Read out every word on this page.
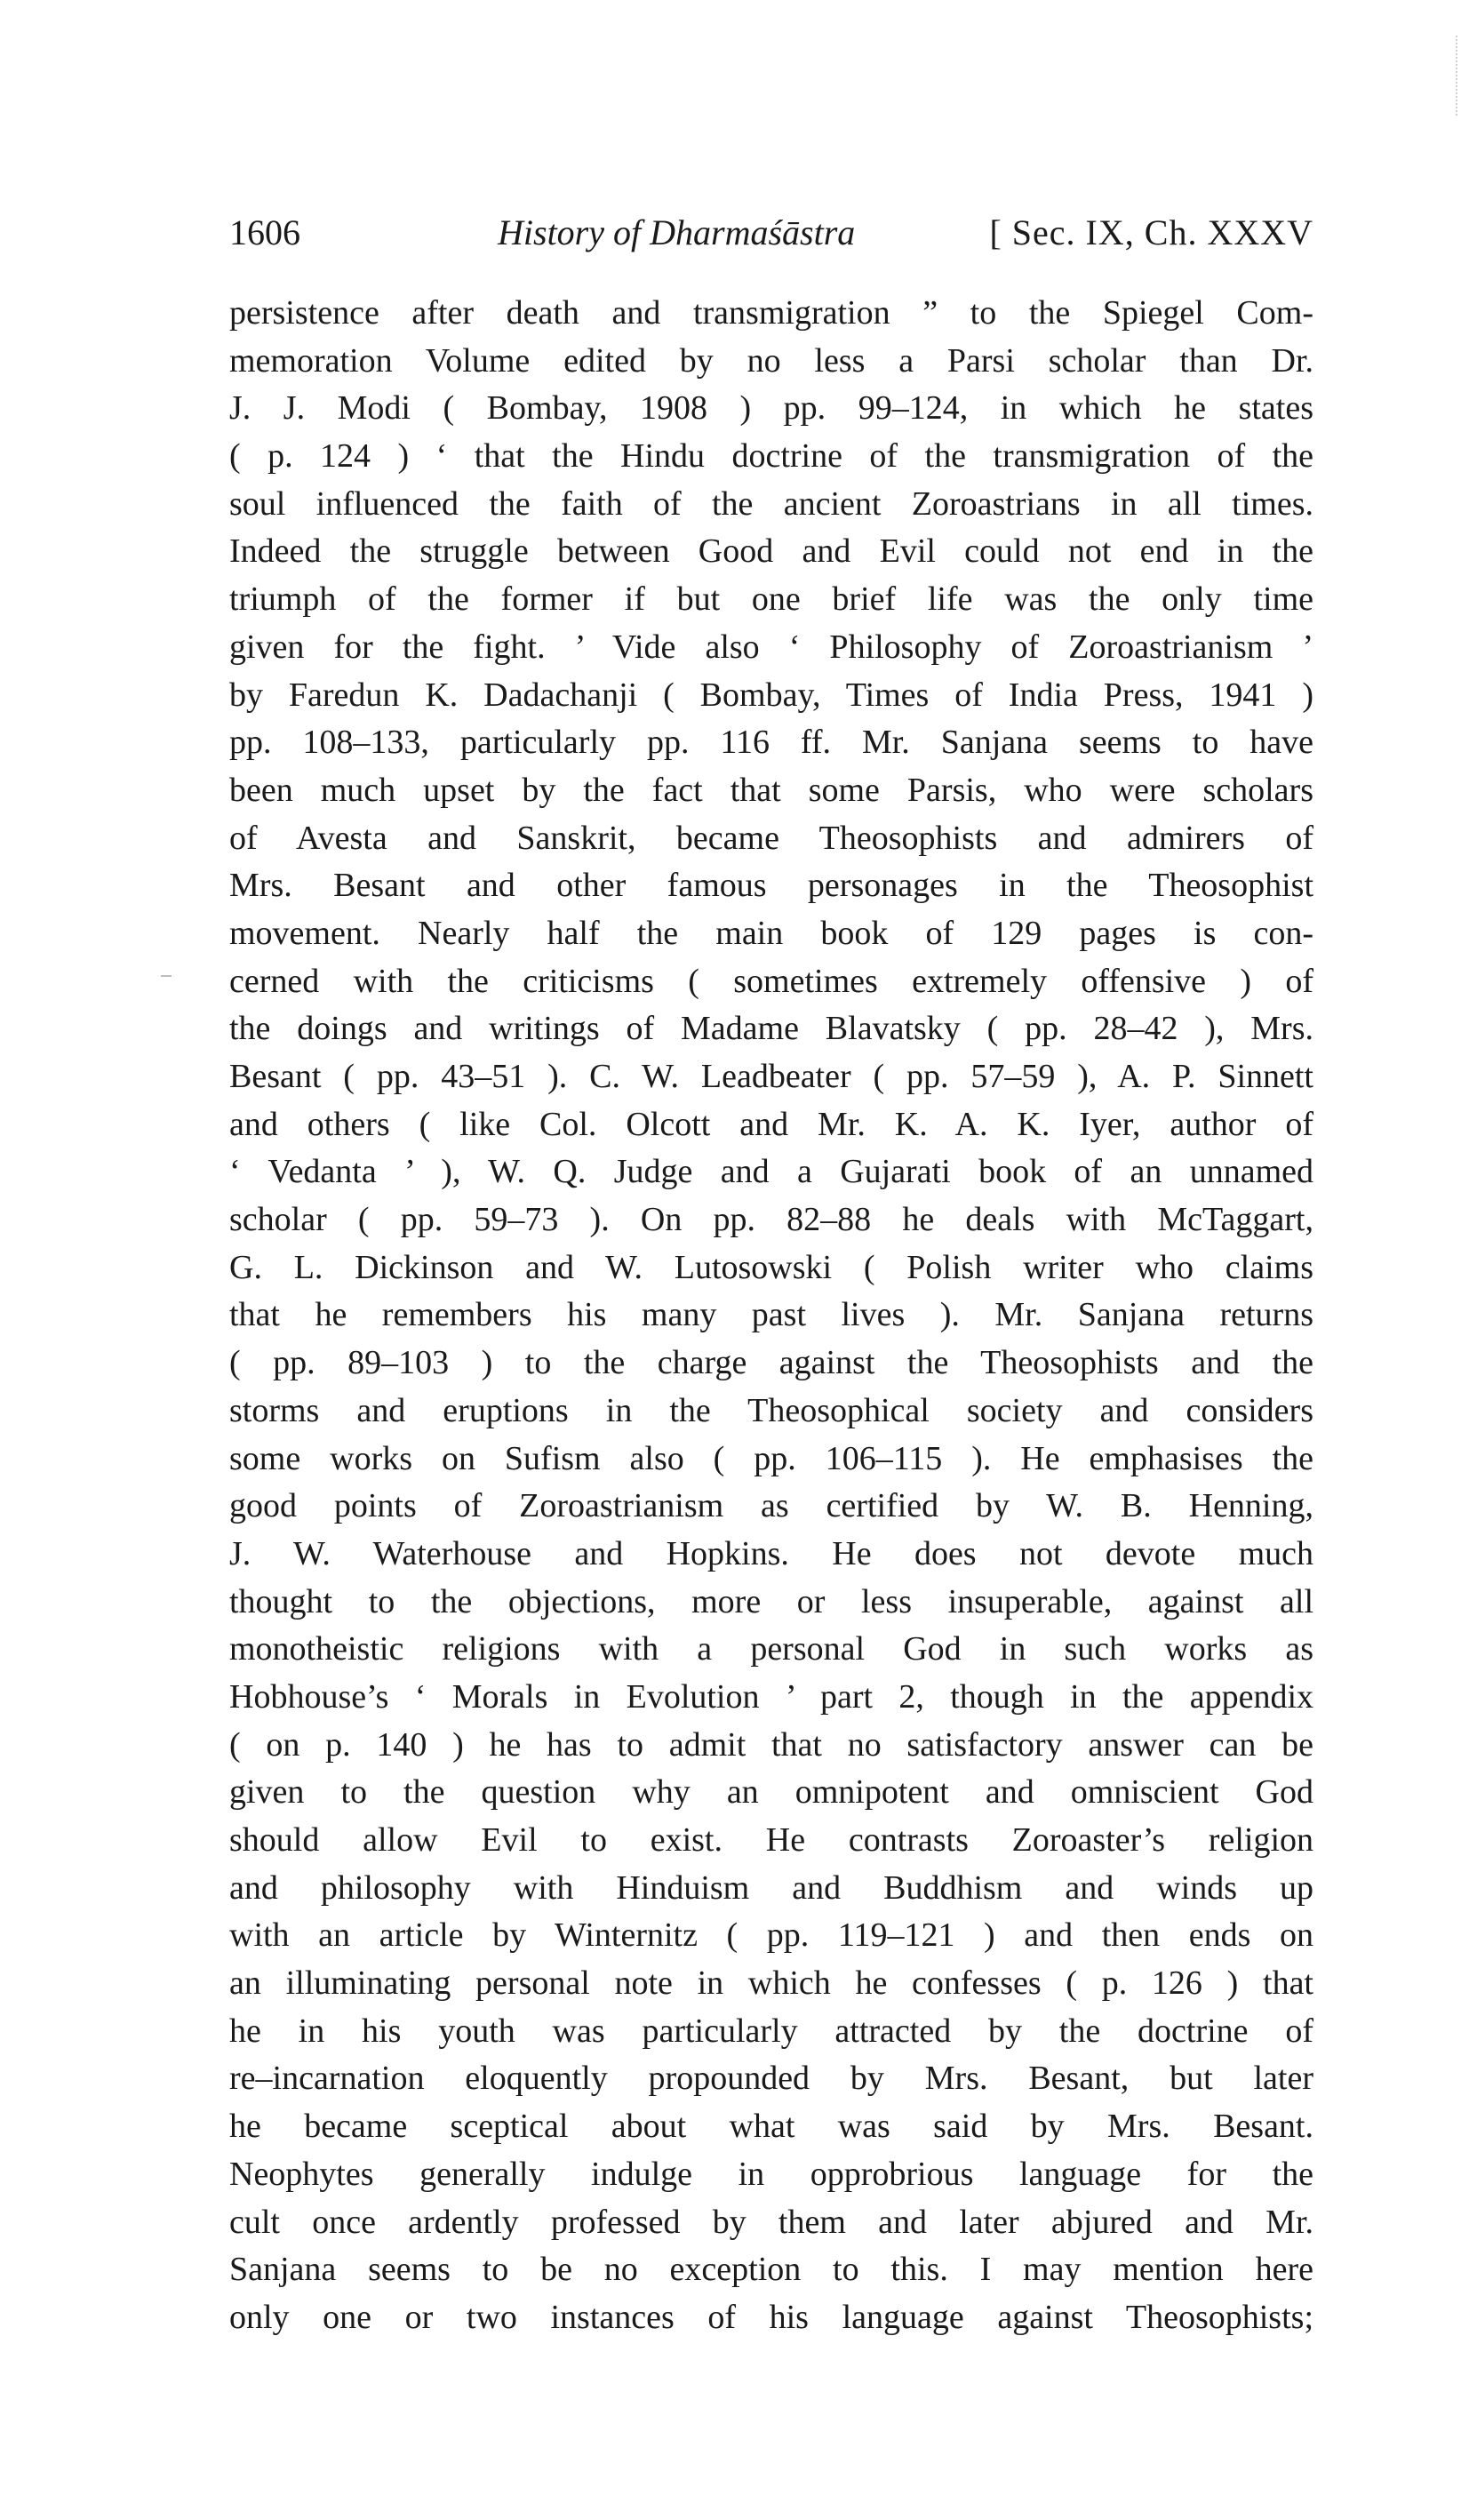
1606	History of Dharmaśāstra	[ Sec. IX, Ch. XXXV
persistence after death and transmigration ” to the Spiegel Com-
memoration Volume edited by no less a Parsi scholar than Dr.
J. J. Modi ( Bombay, 1908 ) pp. 99–124, in which he states
( p. 124 ) ‘ that the Hindu doctrine of the transmigration of the
soul influenced the faith of the ancient Zoroastrians in all times.
Indeed the struggle between Good and Evil could not end in the
triumph of the former if but one brief life was the only time
given for the fight. ’ Vide also ‘ Philosophy of Zoroastrianism ’
by Faredun K. Dadachanji ( Bombay, Times of India Press, 1941 )
pp. 108–133, particularly pp. 116 ff. Mr. Sanjana seems to have
been much upset by the fact that some Parsis, who were scholars
of Avesta and Sanskrit, became Theosophists and admirers of
Mrs. Besant and other famous personages in the Theosophist
movement. Nearly half the main book of 129 pages is con-
cerned with the criticisms ( sometimes extremely offensive ) of
the doings and writings of Madame Blavatsky ( pp. 28–42 ), Mrs.
Besant ( pp. 43–51 ). C. W. Leadbeater ( pp. 57–59 ), A. P. Sinnett
and others ( like Col. Olcott and Mr. K. A. K. Iyer, author of
‘ Vedanta ’ ), W. Q. Judge and a Gujarati book of an unnamed
scholar ( pp. 59–73 ). On pp. 82–88 he deals with McTaggart,
G. L. Dickinson and W. Lutosowski ( Polish writer who claims
that he remembers his many past lives ). Mr. Sanjana returns
( pp. 89–103 ) to the charge against the Theosophists and the
storms and eruptions in the Theosophical society and considers
some works on Sufism also ( pp. 106–115 ). He emphasises the
good points of Zoroastrianism as certified by W. B. Henning,
J. W. Waterhouse and Hopkins. He does not devote much
thought to the objections, more or less insuperable, against all
monotheistic religions with a personal God in such works as
Hobhouse’s ‘ Morals in Evolution ’ part 2, though in the appendix
( on p. 140 ) he has to admit that no satisfactory answer can be
given to the question why an omnipotent and omniscient God
should allow Evil to exist. He contrasts Zoroaster’s religion
and philosophy with Hinduism and Buddhism and winds up
with an article by Winternitz ( pp. 119–121 ) and then ends on
an illuminating personal note in which he confesses ( p. 126 ) that
he in his youth was particularly attracted by the doctrine of
re–incarnation eloquently propounded by Mrs. Besant, but later
he became sceptical about what was said by Mrs. Besant.
Neophytes generally indulge in opprobrious language for the
cult once ardently professed by them and later abjured and Mr.
Sanjana seems to be no exception to this. I may mention here
only one or two instances of his language against Theosophists;
